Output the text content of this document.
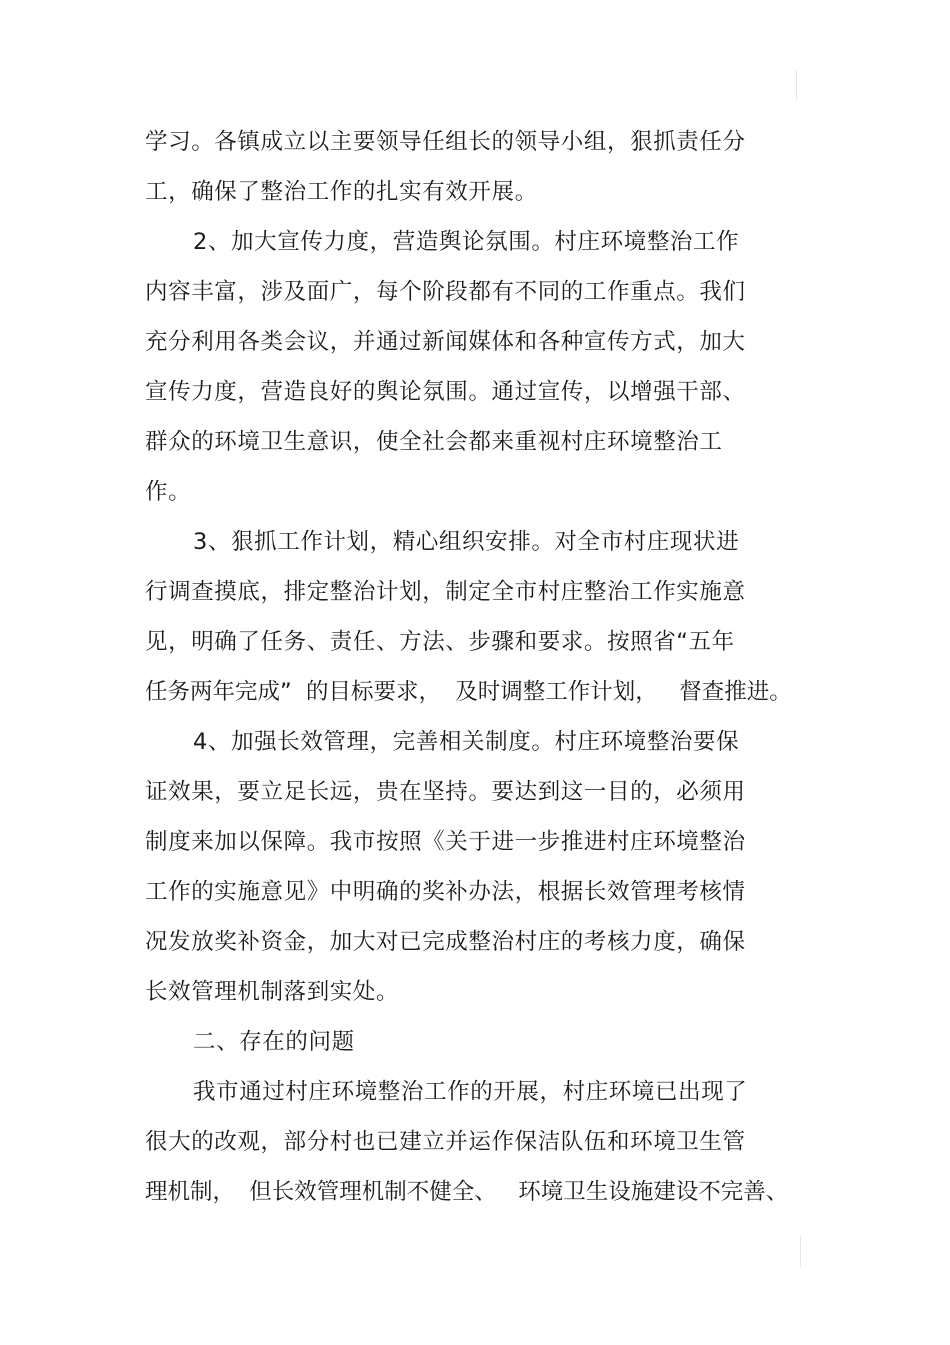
学习。各镇成立以主要领导任组长的领导小组，狠抓责任分
工，确保了整治工作的扎实有效开展。
2、加大宣传力度，营造舆论氛围。村庄环境整治工作
内容丰富，涉及面广，每个阶段都有不同的工作重点。我们
充分利用各类会议，并通过新闻媒体和各种宣传方式，加大
宣传力度，营造良好的舆论氛围。通过宣传，以增强干部、
群众的环境卫生意识，使全社会都来重视村庄环境整治工
作。
3、狠抓工作计划，精心组织安排。对全市村庄现状进
行调查摸底，排定整治计划，制定全市村庄整治工作实施意
见，明确了任务、责任、方法、步骤和要求。按照省“五年
任务两年完成”  的目标要求，  及时调整工作计划，   督查推进。
4、加强长效管理，完善相关制度。村庄环境整治要保
证效果，要立足长远，贵在坚持。要达到这一目的，必须用
制度来加以保障。我市按照《关于进一步推进村庄环境整治
工作的实施意见》中明确的奖补办法，根据长效管理考核情
况发放奖补资金，加大对已完成整治村庄的考核力度，确保
长效管理机制落到实处。
二、存在的问题
我市通过村庄环境整治工作的开展，村庄环境已出现了
很大的改观，部分村也已建立并运作保洁队伍和环境卫生管
理机制，  但长效管理机制不健全、   环境卫生设施建设不完善、
